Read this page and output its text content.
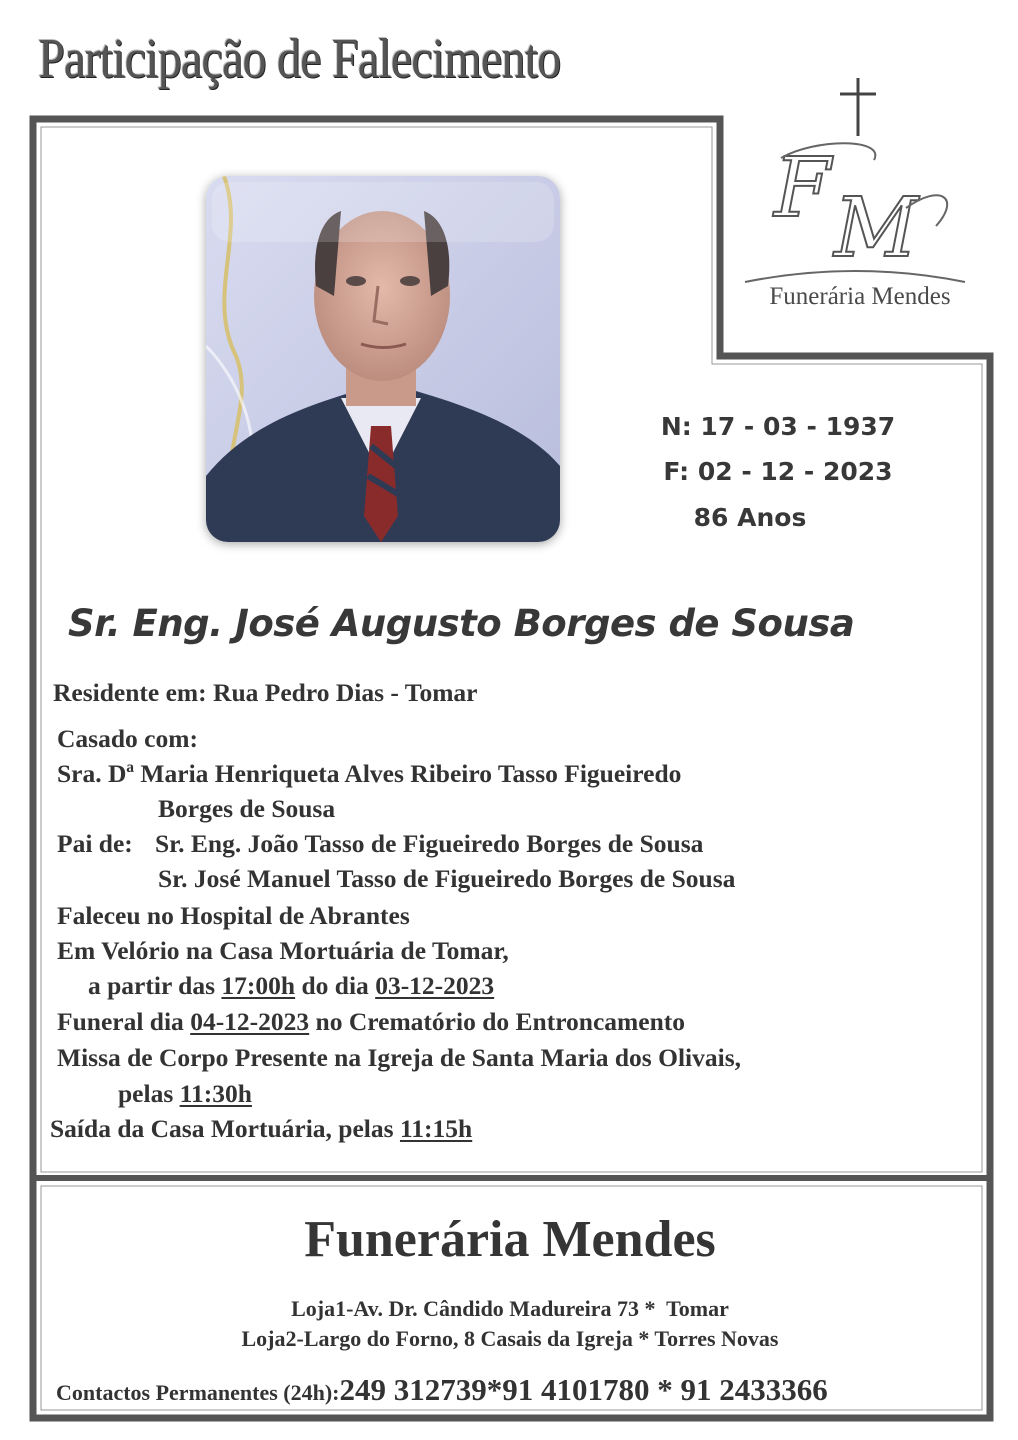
Participação de Falecimento
F M
Funerária Mendes
N: 17 - 03 - 1937
F: 02 - 12 - 2023
86 Anos
Sr. Eng. José Augusto Borges de Sousa
Residente em: Rua Pedro Dias - Tomar
Casado com:
Sra. Dª Maria Henriqueta Alves Ribeiro Tasso Figueiredo
Borges de Sousa
Pai de: Sr. Eng. João Tasso de Figueiredo Borges de Sousa
Sr. José Manuel Tasso de Figueiredo Borges de Sousa
Faleceu no Hospital de Abrantes
Em Velório na Casa Mortuária de Tomar,
a partir das 17:00h do dia 03-12-2023
Funeral dia 04-12-2023 no Crematório do Entroncamento
Missa de Corpo Presente na Igreja de Santa Maria dos Olivais,
pelas 11:30h
Saída da Casa Mortuária, pelas 11:15h
Funerária Mendes
Loja1-Av. Dr. Cândido Madureira 73 *  Tomar
Loja2-Largo do Forno, 8 Casais da Igreja * Torres Novas
Contactos Permanentes (24h):249 312739*91 4101780 * 91 2433366
